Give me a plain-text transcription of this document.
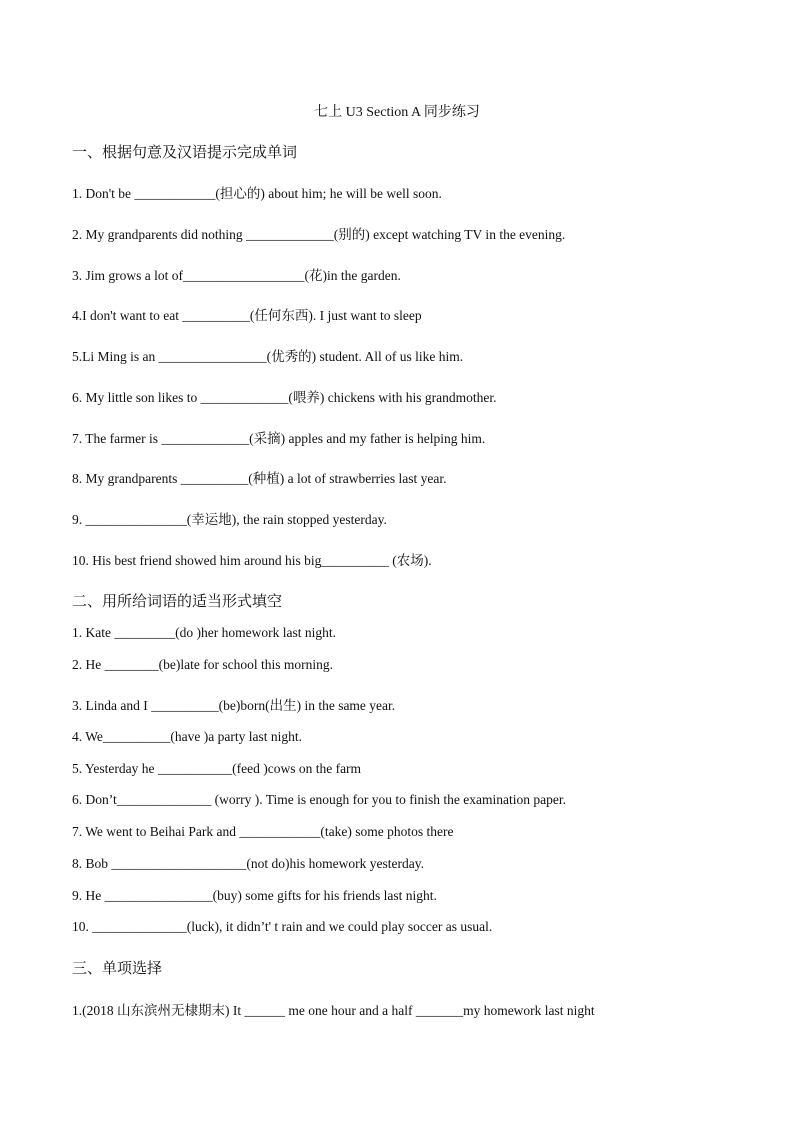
七上 U3 Section A 同步练习
一、根据句意及汉语提示完成单词
1. Don't be ____________(担心的) about him; he will be well soon.
2. My grandparents did nothing _____________(别的) except watching TV in the evening.
3. Jim grows a lot of__________________(花)in the garden.
4.I don't want to eat __________(任何东西). I just want to sleep
5.Li Ming is an ________________(优秀的) student. All of us like him.
6. My little son likes to _____________(喂养) chickens with his grandmother.
7. The farmer is _____________(采摘) apples and my father is helping him.
8. My grandparents __________(种植) a lot of strawberries last year.
9. _______________(幸运地), the rain stopped yesterday.
10. His best friend showed him around his big__________ (农场).
二、用所给词语的适当形式填空
1. Kate _________(do )her homework last night.
2. He ________(be)late for school this morning.
3. Linda and I __________(be)born(出生) in the same year.
4. We__________(have )a party last night.
5. Yesterday he ___________(feed )cows on the farm
6. Don’t______________ (worry ). Time is enough for you to finish the examination paper.
7. We went to Beihai Park and ____________(take) some photos there
8. Bob ____________________(not do)his homework yesterday.
9. He ________________(buy) some gifts for his friends last night.
10. ______________(luck), it didn’t' t rain and we could play soccer as usual.
三、单项选择
1.(2018 山东滨州无棣期末) It ______ me one hour and a half _______my homework last night
